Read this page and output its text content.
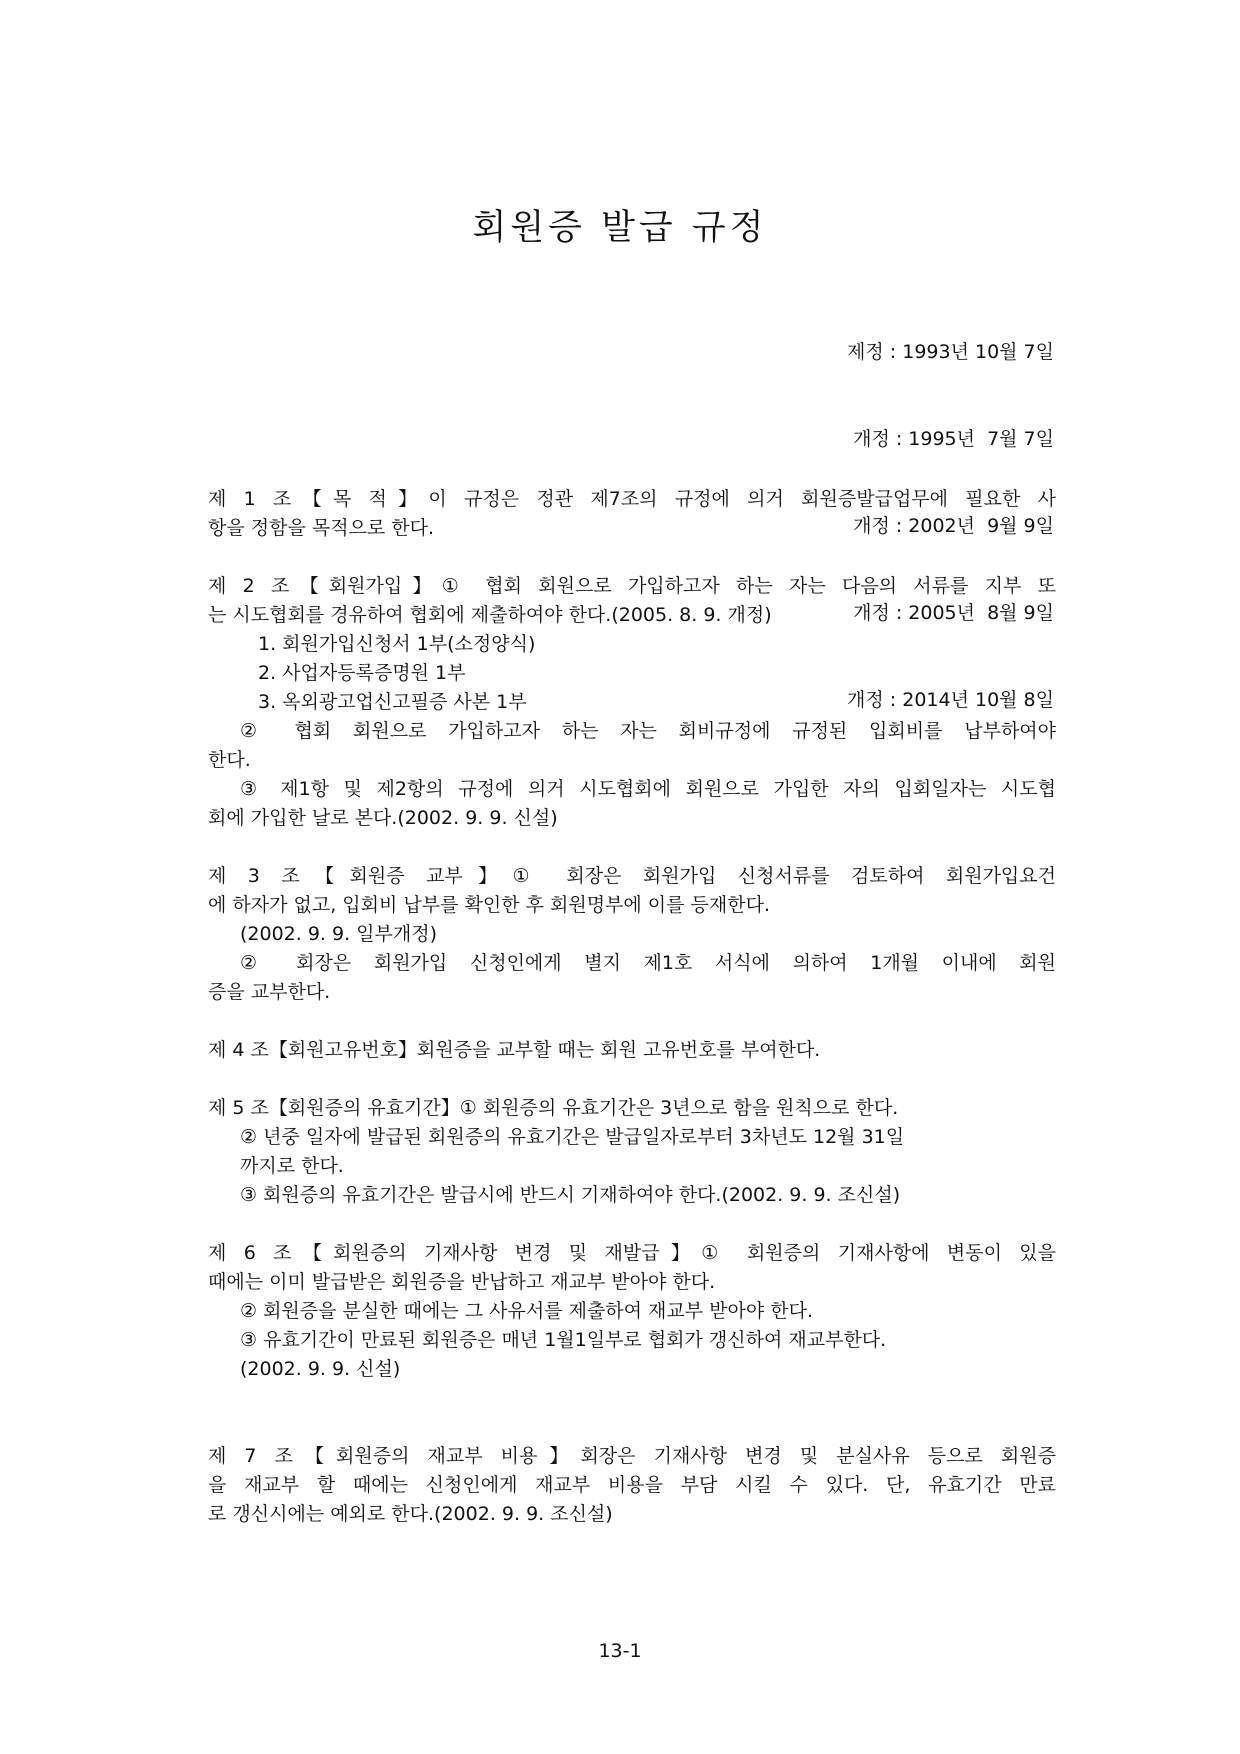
회원증 발급 규정

제정 : 1993년 10월 7일

개정 : 1995년  7월 7일

개정 : 2002년  9월 9일

개정 : 2005년  8월 9일

개정 : 2014년 10월 8일

제 1 조【목 적】이 규정은 정관 제7조의 규정에 의거 회원증발급업무에 필요한 사
항을 정함을 목적으로 한다.
제 2 조【회원가입】① 협회 회원으로 가입하고자 하는 자는 다음의 서류를 지부 또
는 시도협회를 경유하여 협회에 제출하여야 한다.(2005. 8. 9. 개정)
1. 회원가입신청서 1부(소정양식)
2. 사업자등록증명원 1부
3. 옥외광고업신고필증 사본 1부
② 협회 회원으로 가입하고자 하는 자는 회비규정에 규정된 입회비를 납부하여야
한다.
③ 제1항 및 제2항의 규정에 의거 시도협회에 회원으로 가입한 자의 입회일자는 시도협
회에 가입한 날로 본다.(2002. 9. 9. 신설)
제 3 조【회원증 교부】① 회장은 회원가입 신청서류를 검토하여 회원가입요건
에 하자가 없고, 입회비 납부를 확인한 후 회원명부에 이를 등재한다.
(2002. 9. 9. 일부개정)
② 회장은 회원가입 신청인에게 별지 제1호 서식에 의하여 1개월 이내에 회원
증을 교부한다.
제 4 조【회원고유번호】회원증을 교부할 때는 회원 고유번호를 부여한다.
제 5 조【회원증의 유효기간】① 회원증의 유효기간은 3년으로 함을 원칙으로 한다.
② 년중 일자에 발급된 회원증의 유효기간은 발급일자로부터 3차년도 12월 31일
까지로 한다.
③ 회원증의 유효기간은 발급시에 반드시 기재하여야 한다.(2002. 9. 9. 조신설)
제 6 조【회원증의 기재사항 변경 및 재발급】① 회원증의 기재사항에 변동이 있을
때에는 이미 발급받은 회원증을 반납하고 재교부 받아야 한다.
② 회원증을 분실한 때에는 그 사유서를 제출하여 재교부 받아야 한다.
③ 유효기간이 만료된 회원증은 매년 1월1일부로 협회가 갱신하여 재교부한다.
(2002. 9. 9. 신설)
제 7 조【회원증의 재교부 비용】회장은 기재사항 변경 및 분실사유 등으로 회원증
을 재교부 할 때에는 신청인에게 재교부 비용을 부담 시킬 수 있다. 단, 유효기간 만료
로 갱신시에는 예외로 한다.(2002. 9. 9. 조신설)
13-1
